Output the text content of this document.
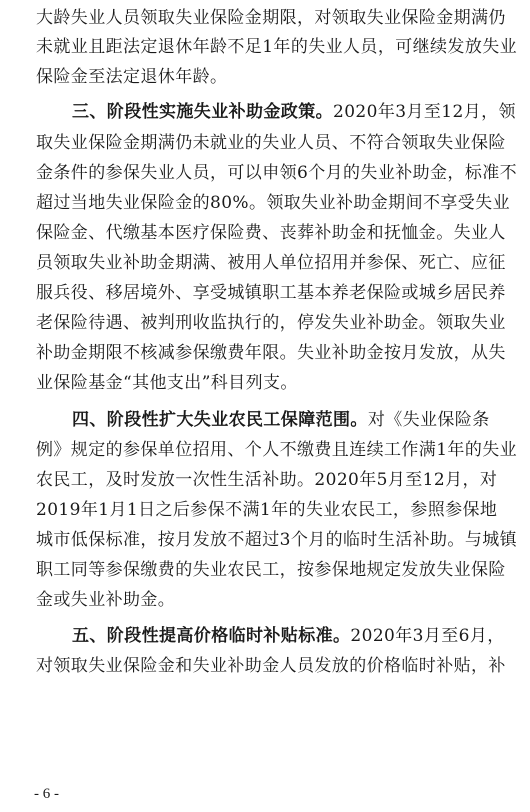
大龄失业人员领取失业保险金期限，对领取失业保险金期满仍
未就业且距法定退休年龄不足1年的失业人员，可继续发放失业
保险金至法定退休年龄。
三、阶段性实施失业补助金政策。2020年3月至12月，领
取失业保险金期满仍未就业的失业人员、不符合领取失业保险
金条件的参保失业人员，可以申领6个月的失业补助金，标准不
超过当地失业保险金的80%。领取失业补助金期间不享受失业
保险金、代缴基本医疗保险费、丧葬补助金和抚恤金。失业人
员领取失业补助金期满、被用人单位招用并参保、死亡、应征
服兵役、移居境外、享受城镇职工基本养老保险或城乡居民养
老保险待遇、被判刑收监执行的，停发失业补助金。领取失业
补助金期限不核减参保缴费年限。失业补助金按月发放，从失
业保险基金“其他支出”科目列支。
四、阶段性扩大失业农民工保障范围。对《失业保险条
例》规定的参保单位招用、个人不缴费且连续工作满1年的失业
农民工，及时发放一次性生活补助。2020年5月至12月，对
2019年1月1日之后参保不满1年的失业农民工，参照参保地
城市低保标准，按月发放不超过3个月的临时生活补助。与城镇
职工同等参保缴费的失业农民工，按参保地规定发放失业保险
金或失业补助金。
五、阶段性提高价格临时补贴标准。2020年3月至6月，
对领取失业保险金和失业补助金人员发放的价格临时补贴，补
- 6 -
